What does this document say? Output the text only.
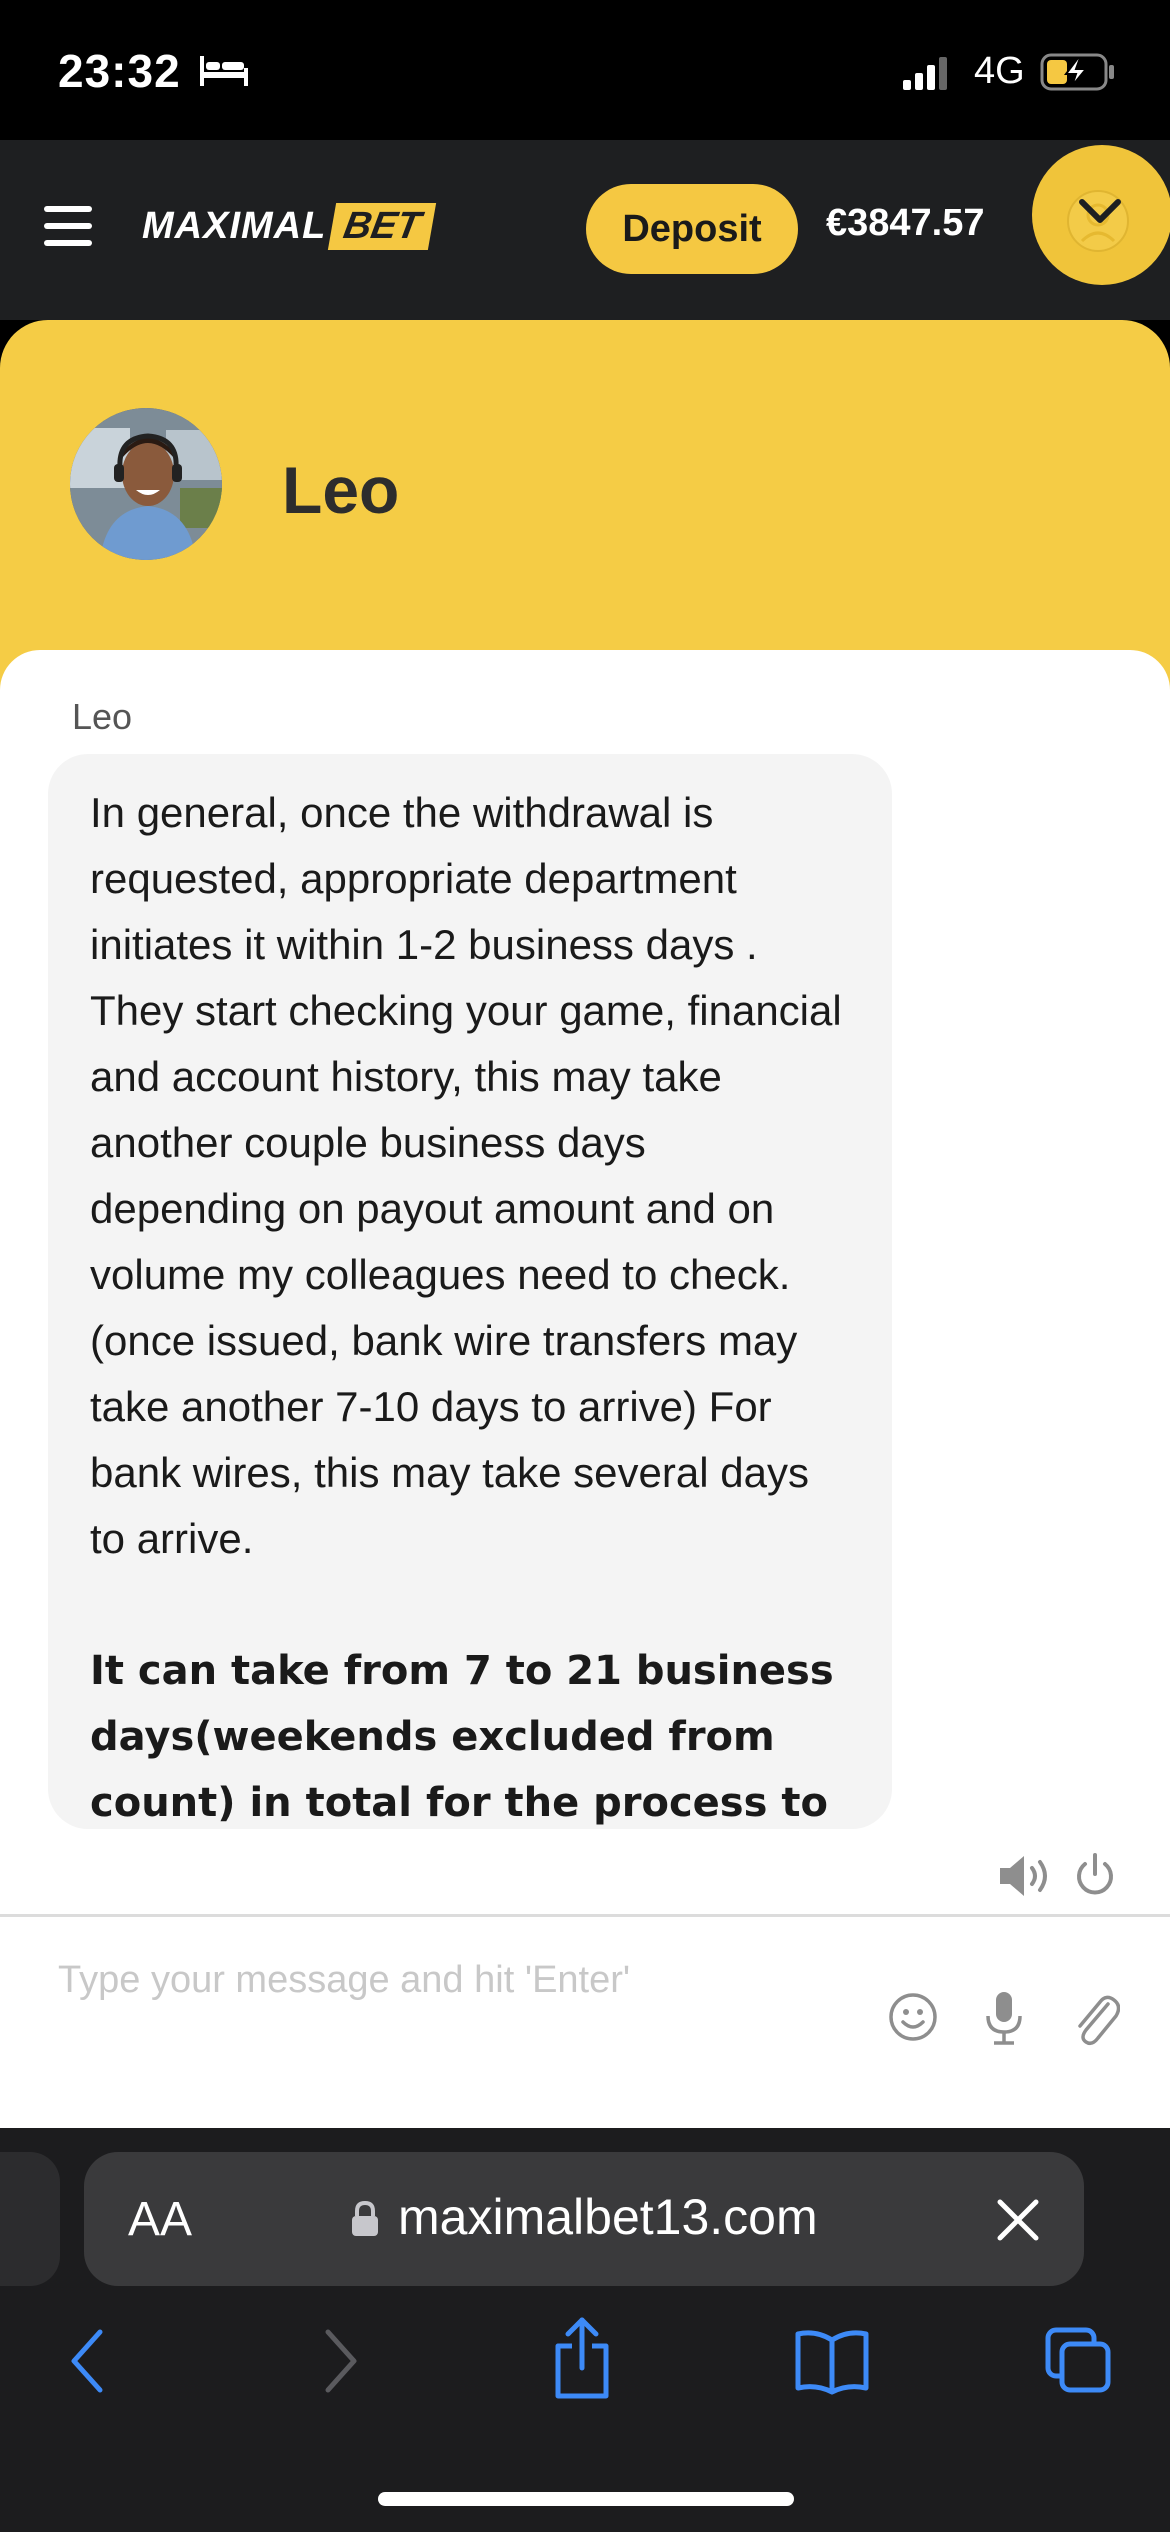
23:32	4G
MAXIMAL BET	Deposit	€3847.57
Leo
Leo
In general, once the withdrawal is requested, appropriate department initiates it within 1-2 business days . They start checking your game, financial and account history, this may take another couple business days depending on payout amount and on volume my colleagues need to check. (once issued, bank wire transfers may take another 7-10 days to arrive) For bank wires, this may take several days to arrive.
It can take from 7 to 21 business days(weekends excluded from count) in total for the process to
Type your message and hit 'Enter'
AA	maximalbet13.com
